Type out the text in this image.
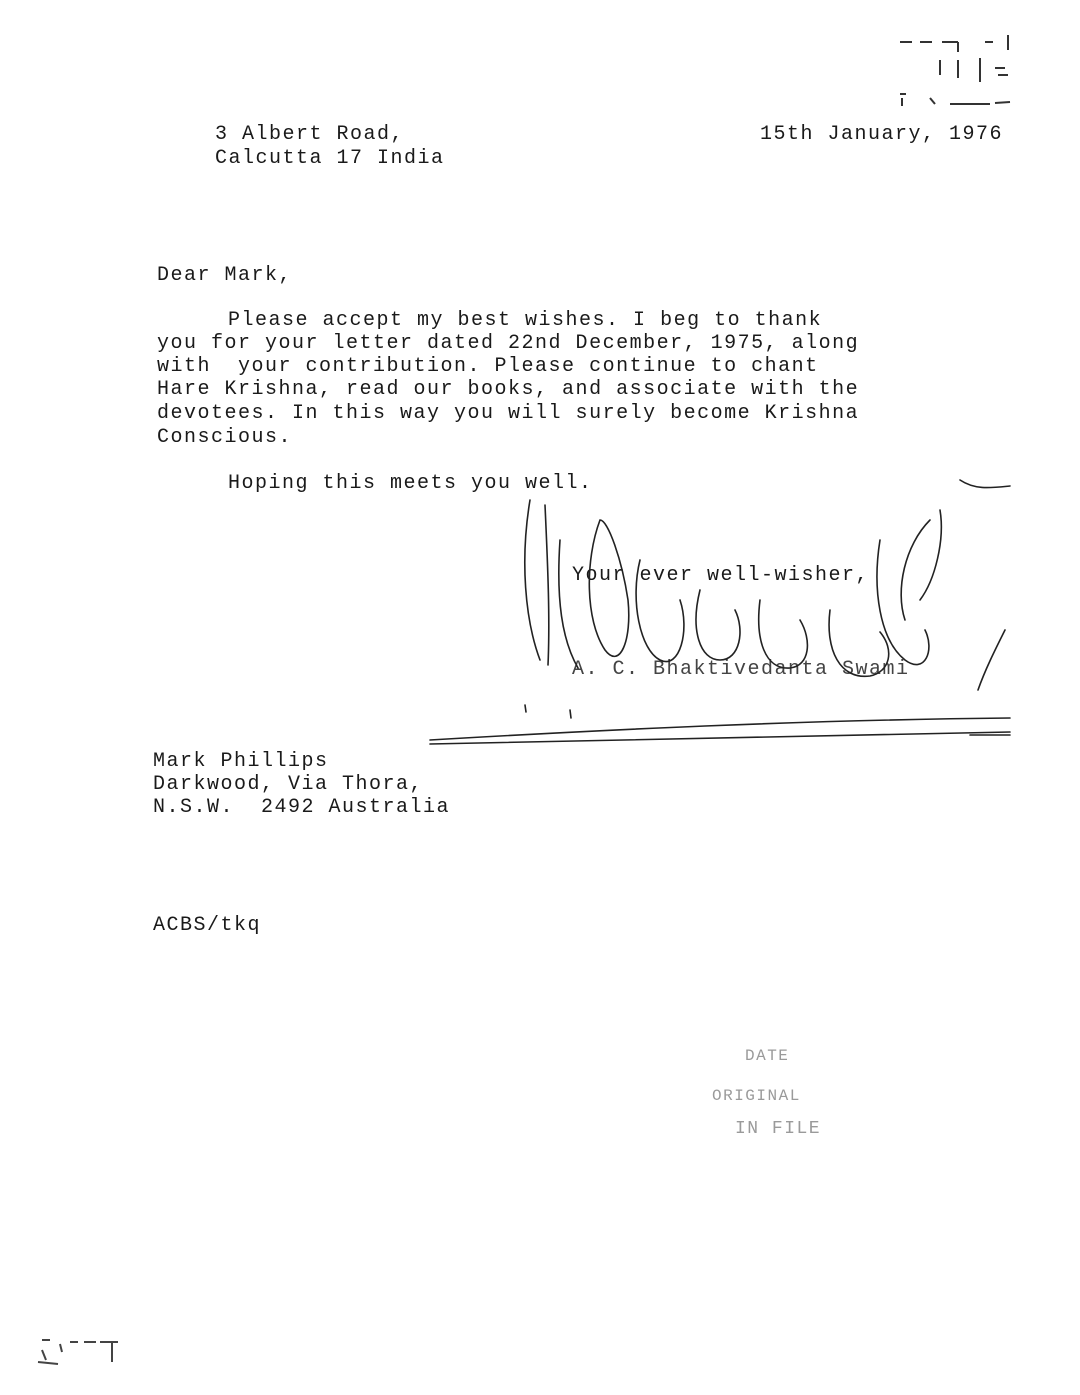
3 Albert Road,
Calcutta 17 India
15th January, 1976
Dear Mark,
Please accept my best wishes. I beg to thank
you for your letter dated 22nd December, 1975, along
with  your contribution. Please continue to chant
Hare Krishna, read our books, and associate with the
devotees. In this way you will surely become Krishna
Conscious.
Hoping this meets you well.
Your ever well-wisher,
A. C. Bhaktivedanta Swami
Mark Phillips
Darkwood, Via Thora,
N.S.W.  2492 Australia
ACBS/tkq
DATE
ORIGINAL
IN FILE
